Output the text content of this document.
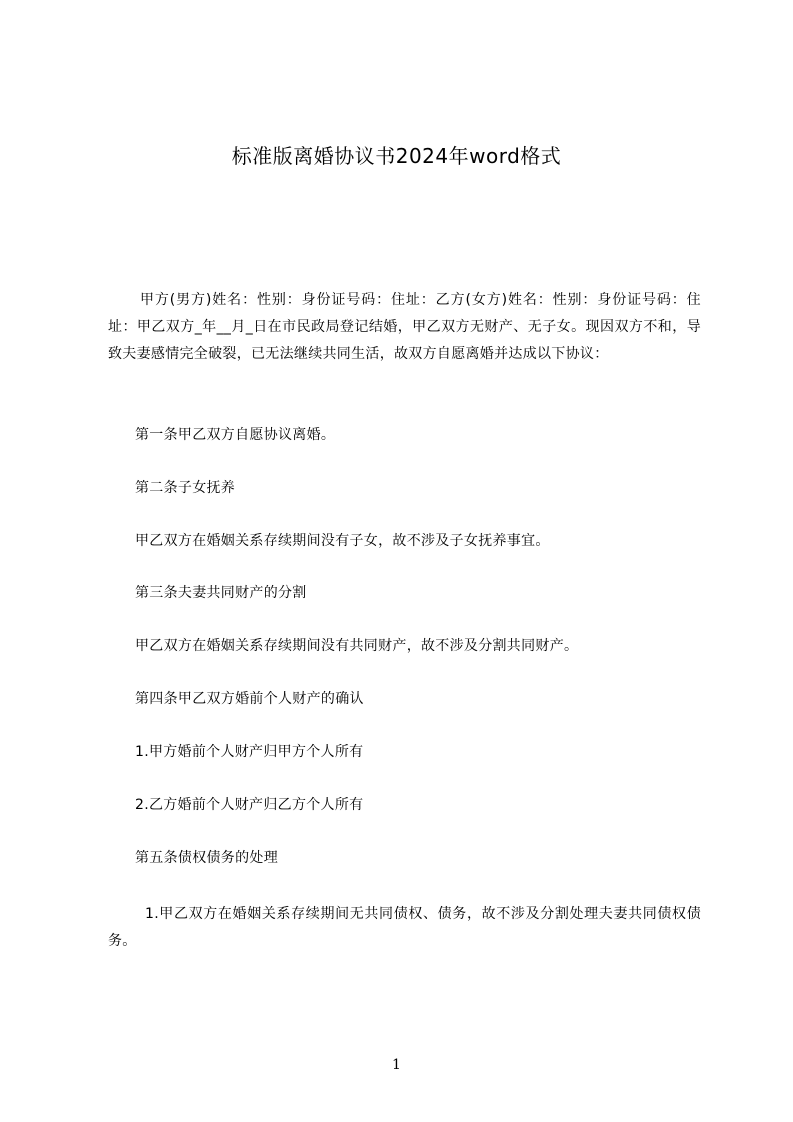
标准版离婚协议书2024年word格式

甲方(男方)姓名：性别：身份证号码：住址：乙方(女方)姓名：性别：身份证号码：住址：甲乙双方_年__月_日在市民政局登记结婚，甲乙双方无财产、无子女。现因双方不和，导致夫妻感情完全破裂，已无法继续共同生活，故双方自愿离婚并达成以下协议：

第一条甲乙双方自愿协议离婚。

第二条子女抚养

甲乙双方在婚姻关系存续期间没有子女，故不涉及子女抚养事宜。

第三条夫妻共同财产的分割

甲乙双方在婚姻关系存续期间没有共同财产，故不涉及分割共同财产。

第四条甲乙双方婚前个人财产的确认

1.甲方婚前个人财产归甲方个人所有

2.乙方婚前个人财产归乙方个人所有

第五条债权债务的处理

1.甲乙双方在婚姻关系存续期间无共同债权、债务，故不涉及分割处理夫妻共同债权债务。

1
